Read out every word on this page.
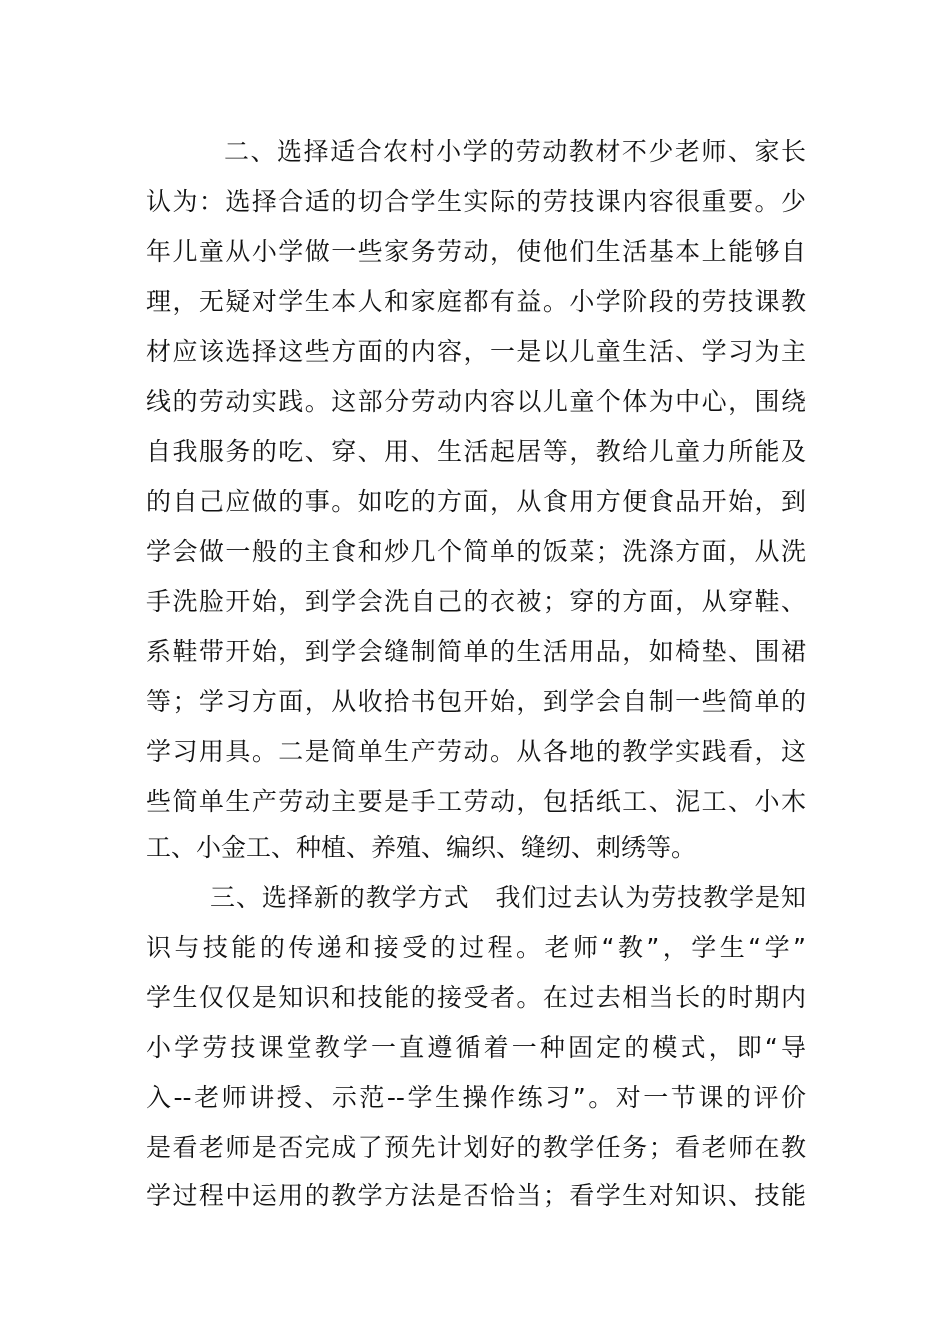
二、选择适合农村小学的劳动教材不少老师、家长
认为：选择合适的切合学生实际的劳技课内容很重要。少
年儿童从小学做一些家务劳动，使他们生活基本上能够自
理，无疑对学生本人和家庭都有益。小学阶段的劳技课教
材应该选择这些方面的内容，一是以儿童生活、学习为主
线的劳动实践。这部分劳动内容以儿童个体为中心，围绕
自我服务的吃、穿、用、生活起居等，教给儿童力所能及
的自己应做的事。如吃的方面，从食用方便食品开始，到
学会做一般的主食和炒几个简单的饭菜；洗涤方面，从洗
手洗脸开始，到学会洗自己的衣被；穿的方面，从穿鞋、
系鞋带开始，到学会缝制简单的生活用品，如椅垫、围裙
等；学习方面，从收拾书包开始，到学会自制一些简单的
学习用具。二是简单生产劳动。从各地的教学实践看，这
些简单生产劳动主要是手工劳动，包括纸工、泥工、小木
工、小金工、种植、养殖、编织、缝纫、刺绣等。
三、选择新的教学方式　我们过去认为劳技教学是知
识与技能的传递和接受的过程。老师“教”，学生“学”
学生仅仅是知识和技能的接受者。在过去相当长的时期内
小学劳技课堂教学一直遵循着一种固定的模式，即“导
入--老师讲授、示范--学生操作练习”。对一节课的评价
是看老师是否完成了预先计划好的教学任务；看老师在教
学过程中运用的教学方法是否恰当；看学生对知识、技能
